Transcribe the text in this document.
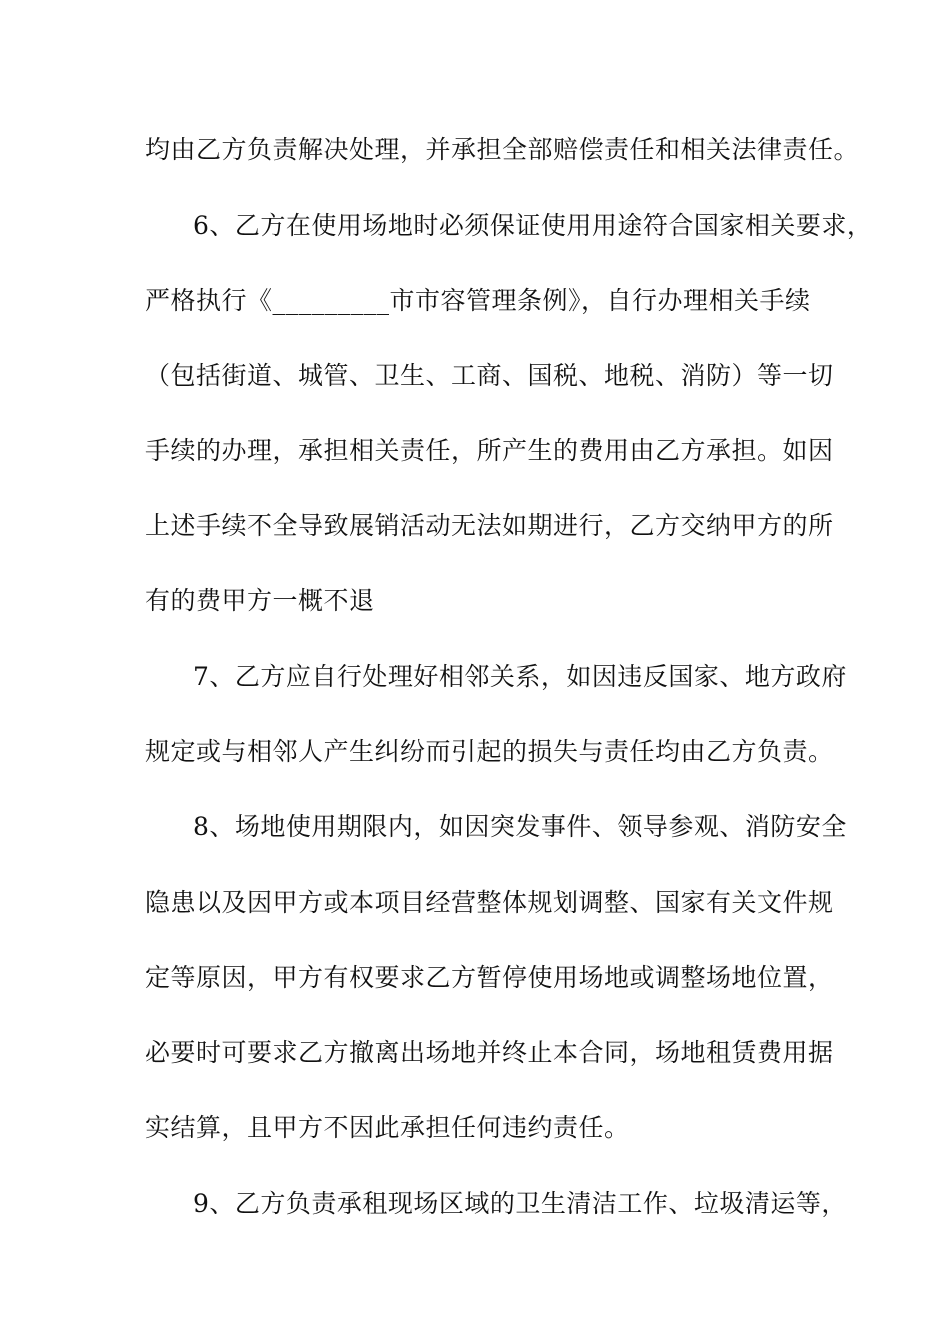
均由乙方负责解决处理，并承担全部赔偿责任和相关法律责任。
6、乙方在使用场地时必须保证使用用途符合国家相关要求，
严格执行《_________市市容管理条例》，自行办理相关手续
（包括街道、城管、卫生、工商、国税、地税、消防）等一切
手续的办理，承担相关责任，所产生的费用由乙方承担。如因
上述手续不全导致展销活动无法如期进行，乙方交纳甲方的所
有的费甲方一概不退
7、乙方应自行处理好相邻关系，如因违反国家、地方政府
规定或与相邻人产生纠纷而引起的损失与责任均由乙方负责。
8、场地使用期限内，如因突发事件、领导参观、消防安全
隐患以及因甲方或本项目经营整体规划调整、国家有关文件规
定等原因，甲方有权要求乙方暂停使用场地或调整场地位置，
必要时可要求乙方撤离出场地并终止本合同，场地租赁费用据
实结算，且甲方不因此承担任何违约责任。
9、乙方负责承租现场区域的卫生清洁工作、垃圾清运等，
